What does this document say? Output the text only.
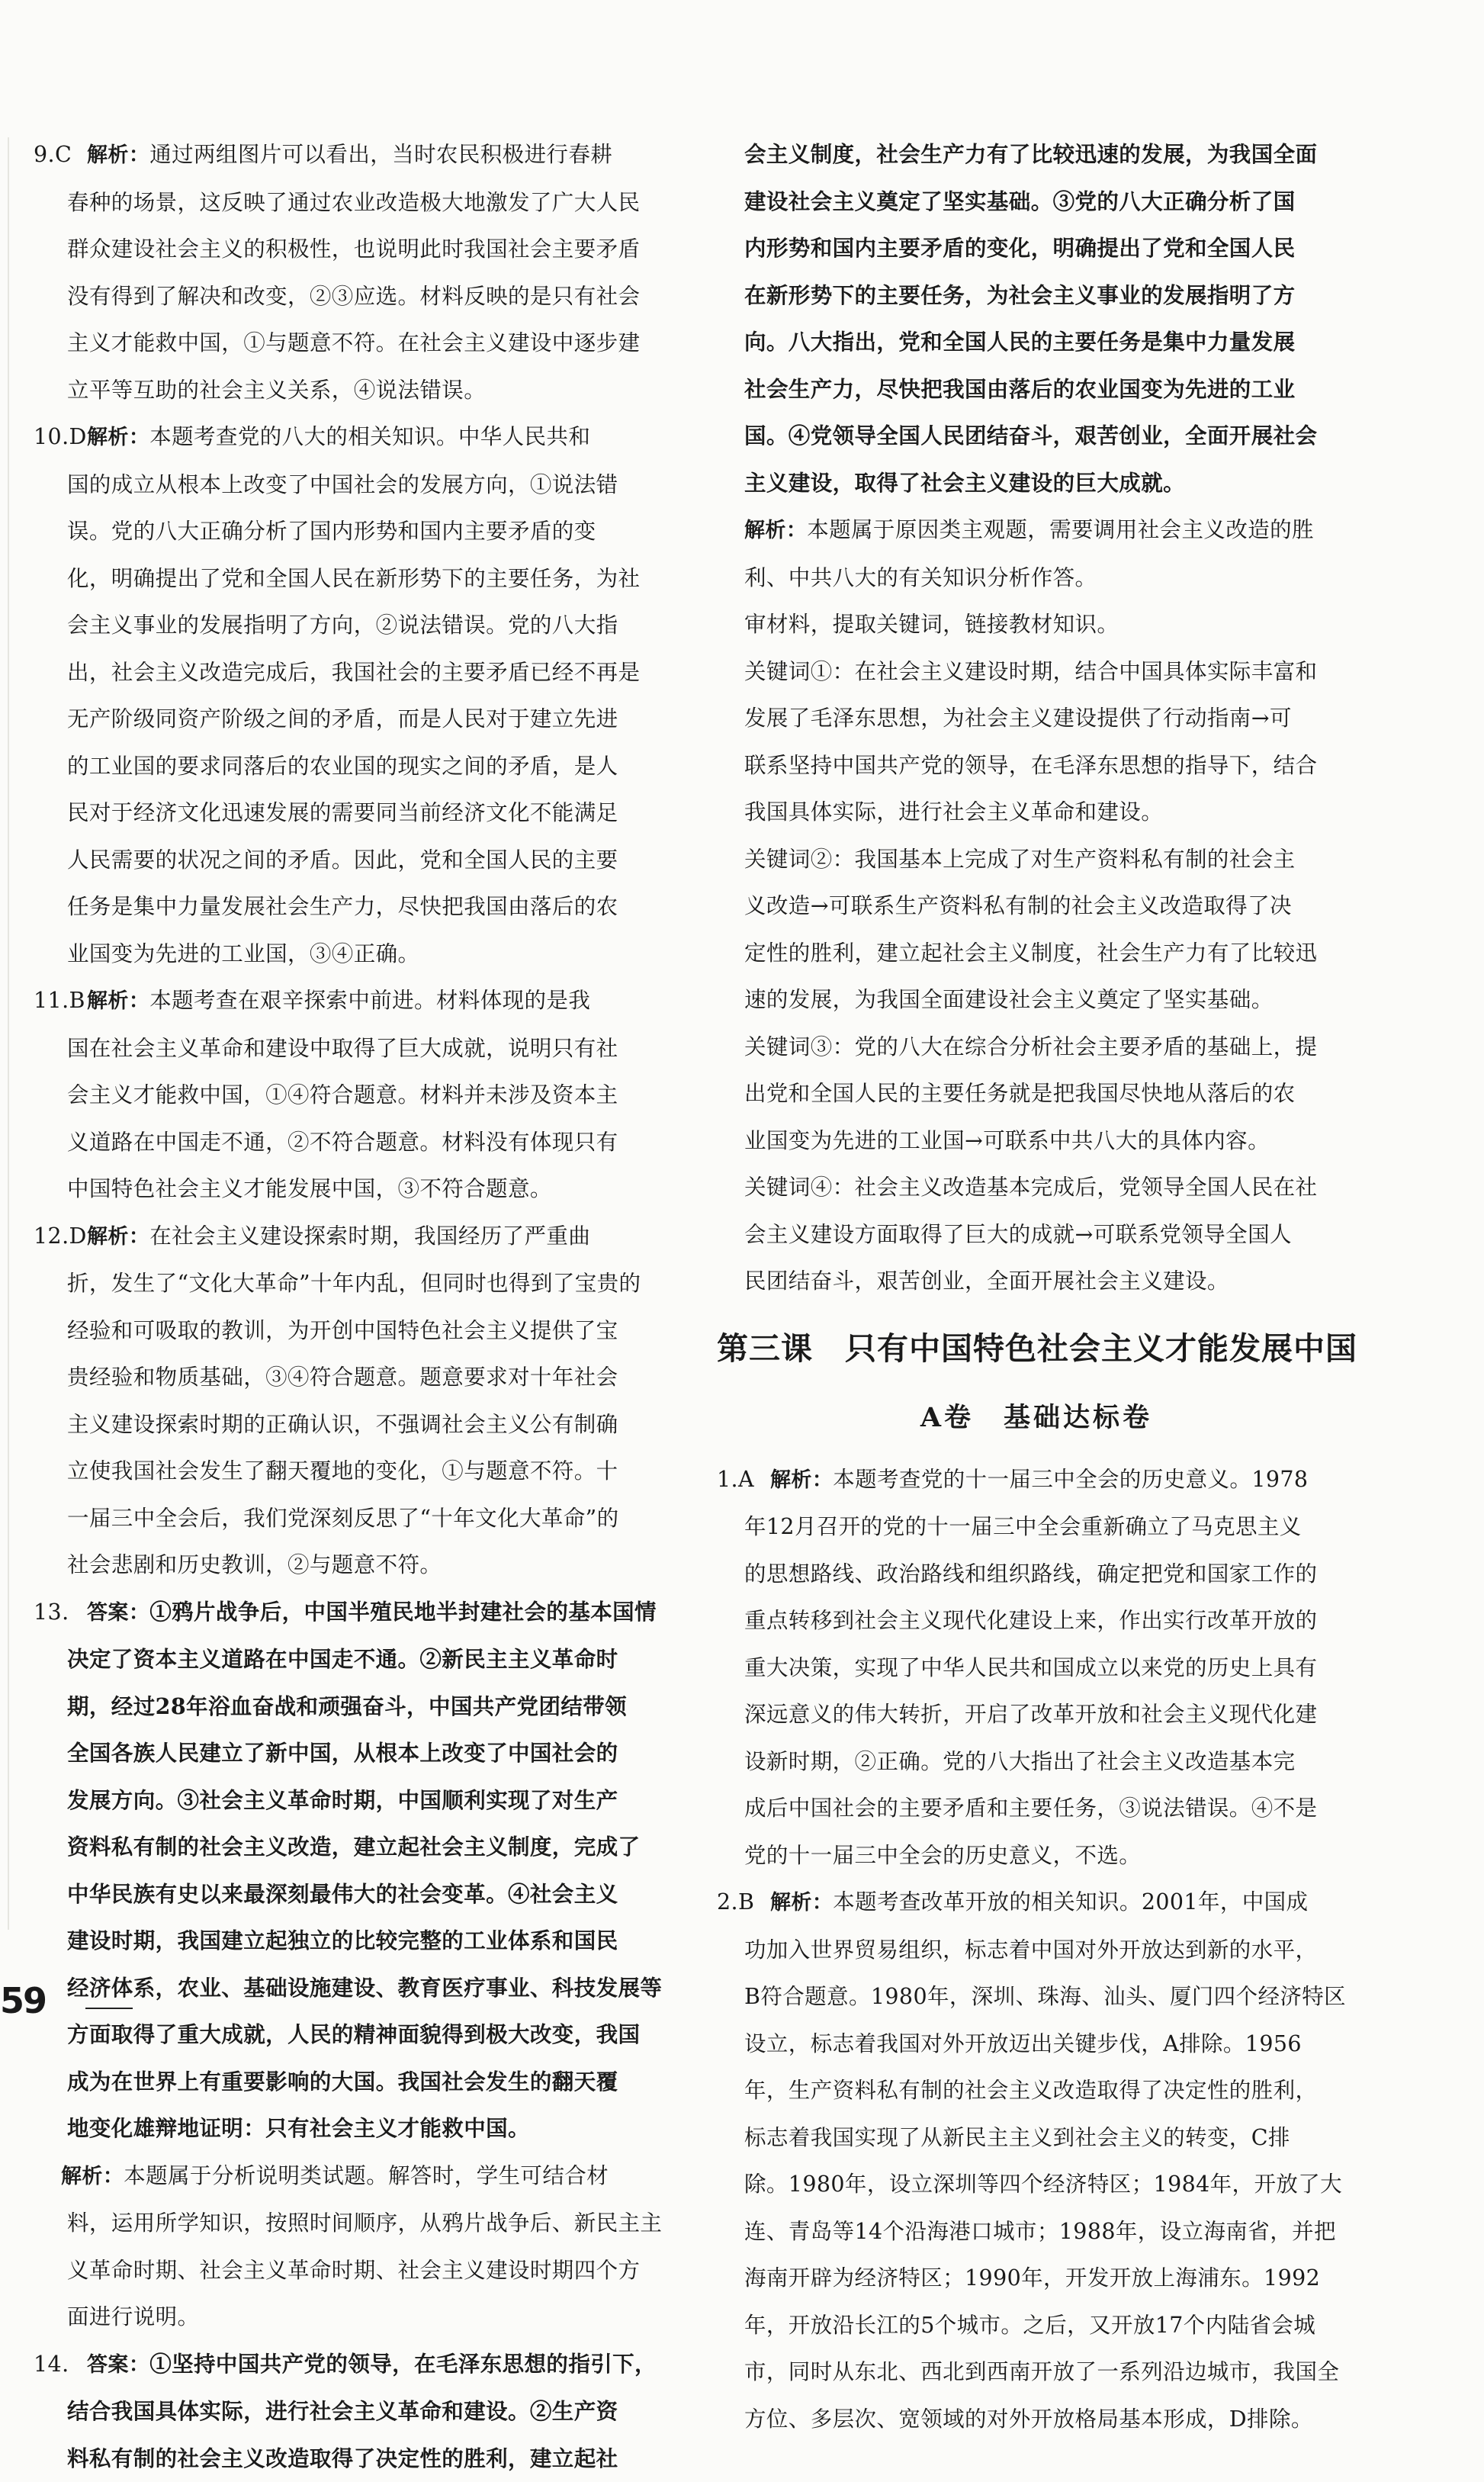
9.C 解析：通过两组图片可以看出，当时农民积极进行春耕
春种的场景，这反映了通过农业改造极大地激发了广大人民
群众建设社会主义的积极性，也说明此时我国社会主要矛盾
没有得到了解决和改变，②③应选。材料反映的是只有社会
主义才能救中国，①与题意不符。在社会主义建设中逐步建
立平等互助的社会主义关系，④说法错误。
10.D解析：本题考查党的八大的相关知识。中华人民共和
国的成立从根本上改变了中国社会的发展方向，①说法错
误。党的八大正确分析了国内形势和国内主要矛盾的变
化，明确提出了党和全国人民在新形势下的主要任务，为社
会主义事业的发展指明了方向，②说法错误。党的八大指
出，社会主义改造完成后，我国社会的主要矛盾已经不再是
无产阶级同资产阶级之间的矛盾，而是人民对于建立先进
的工业国的要求同落后的农业国的现实之间的矛盾，是人
民对于经济文化迅速发展的需要同当前经济文化不能满足
人民需要的状况之间的矛盾。因此，党和全国人民的主要
任务是集中力量发展社会生产力，尽快把我国由落后的农
业国变为先进的工业国，③④正确。
11.B解析：本题考查在艰辛探索中前进。材料体现的是我
国在社会主义革命和建设中取得了巨大成就，说明只有社
会主义才能救中国，①④符合题意。材料并未涉及资本主
义道路在中国走不通，②不符合题意。材料没有体现只有
中国特色社会主义才能发展中国，③不符合题意。
12.D解析：在社会主义建设探索时期，我国经历了严重曲
折，发生了“文化大革命”十年内乱，但同时也得到了宝贵的
经验和可吸取的教训，为开创中国特色社会主义提供了宝
贵经验和物质基础，③④符合题意。题意要求对十年社会
主义建设探索时期的正确认识，不强调社会主义公有制确
立使我国社会发生了翻天覆地的变化，①与题意不符。十
一届三中全会后，我们党深刻反思了“十年文化大革命”的
社会悲剧和历史教训，②与题意不符。
13. 答案：①鸦片战争后，中国半殖民地半封建社会的基本国情
决定了资本主义道路在中国走不通。②新民主主义革命时
期，经过28年浴血奋战和顽强奋斗，中国共产党团结带领
全国各族人民建立了新中国，从根本上改变了中国社会的
发展方向。③社会主义革命时期，中国顺利实现了对生产
资料私有制的社会主义改造，建立起社会主义制度，完成了
中华民族有史以来最深刻最伟大的社会变革。④社会主义
建设时期，我国建立起独立的比较完整的工业体系和国民
经济体系，农业、基础设施建设、教育医疗事业、科技发展等
方面取得了重大成就，人民的精神面貌得到极大改变，我国
成为在世界上有重要影响的大国。我国社会发生的翻天覆
地变化雄辩地证明：只有社会主义才能救中国。
解析：本题属于分析说明类试题。解答时，学生可结合材
料，运用所学知识，按照时间顺序，从鸦片战争后、新民主主
义革命时期、社会主义革命时期、社会主义建设时期四个方
面进行说明。
14. 答案：①坚持中国共产党的领导，在毛泽东思想的指引下，
结合我国具体实际，进行社会主义革命和建设。②生产资
料私有制的社会主义改造取得了决定性的胜利，建立起社
会主义制度，社会生产力有了比较迅速的发展，为我国全面
建设社会主义奠定了坚实基础。③党的八大正确分析了国
内形势和国内主要矛盾的变化，明确提出了党和全国人民
在新形势下的主要任务，为社会主义事业的发展指明了方
向。八大指出，党和全国人民的主要任务是集中力量发展
社会生产力，尽快把我国由落后的农业国变为先进的工业
国。④党领导全国人民团结奋斗，艰苦创业，全面开展社会
主义建设，取得了社会主义建设的巨大成就。
解析：本题属于原因类主观题，需要调用社会主义改造的胜
利、中共八大的有关知识分析作答。
审材料，提取关键词，链接教材知识。
关键词①：在社会主义建设时期，结合中国具体实际丰富和
发展了毛泽东思想，为社会主义建设提供了行动指南→可
联系坚持中国共产党的领导，在毛泽东思想的指导下，结合
我国具体实际，进行社会主义革命和建设。
关键词②：我国基本上完成了对生产资料私有制的社会主
义改造→可联系生产资料私有制的社会主义改造取得了决
定性的胜利，建立起社会主义制度，社会生产力有了比较迅
速的发展，为我国全面建设社会主义奠定了坚实基础。
关键词③：党的八大在综合分析社会主要矛盾的基础上，提
出党和全国人民的主要任务就是把我国尽快地从落后的农
业国变为先进的工业国→可联系中共八大的具体内容。
关键词④：社会主义改造基本完成后，党领导全国人民在社
会主义建设方面取得了巨大的成就→可联系党领导全国人
民团结奋斗，艰苦创业，全面开展社会主义建设。
第三课　只有中国特色社会主义才能发展中国
A卷　基础达标卷
1.A 解析：本题考查党的十一届三中全会的历史意义。1978
年12月召开的党的十一届三中全会重新确立了马克思主义
的思想路线、政治路线和组织路线，确定把党和国家工作的
重点转移到社会主义现代化建设上来，作出实行改革开放的
重大决策，实现了中华人民共和国成立以来党的历史上具有
深远意义的伟大转折，开启了改革开放和社会主义现代化建
设新时期，②正确。党的八大指出了社会主义改造基本完
成后中国社会的主要矛盾和主要任务，③说法错误。④不是
党的十一届三中全会的历史意义，不选。
2.B 解析：本题考查改革开放的相关知识。2001年，中国成
功加入世界贸易组织，标志着中国对外开放达到新的水平，
B符合题意。1980年，深圳、珠海、汕头、厦门四个经济特区
设立，标志着我国对外开放迈出关键步伐，A排除。1956
年，生产资料私有制的社会主义改造取得了决定性的胜利，
标志着我国实现了从新民主主义到社会主义的转变，C排
除。1980年，设立深圳等四个经济特区；1984年，开放了大
连、青岛等14个沿海港口城市；1988年，设立海南省，并把
海南开辟为经济特区；1990年，开发开放上海浦东。1992
年，开放沿长江的5个城市。之后，又开放17个内陆省会城
市，同时从东北、西北到西南开放了一系列沿边城市，我国全
方位、多层次、宽领域的对外开放格局基本形成，D排除。
59
